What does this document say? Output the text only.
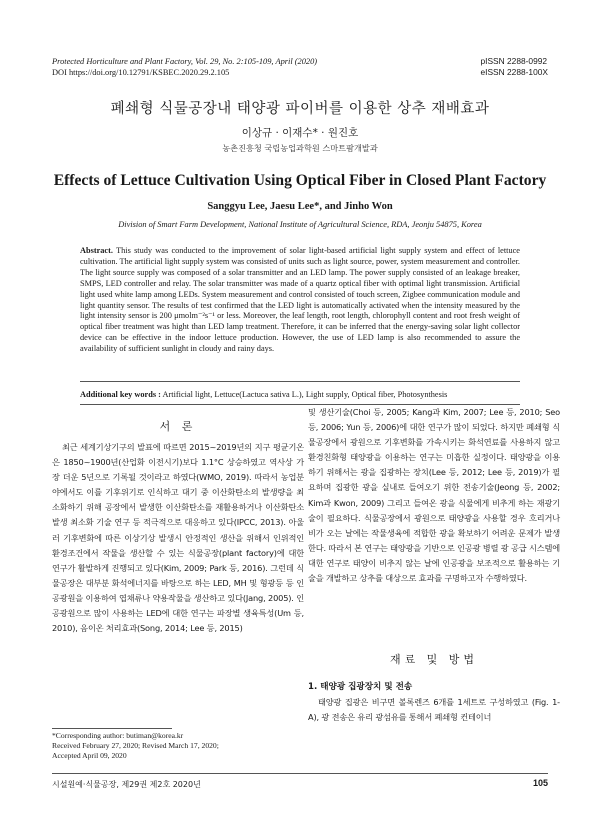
Protected Horticulture and Plant Factory, Vol. 29, No. 2:105-109, April (2020)
DOI https://doi.org/10.12791/KSBEC.2020.29.2.105
pISSN 2288-0992
eISSN 2288-100X
폐쇄형 식물공장내 태양광 파이버를 이용한 상추 재배효과
이상규 · 이재수* · 원진호
농촌진흥청 국립농업과학원 스마트팜개발과
Effects of Lettuce Cultivation Using Optical Fiber in Closed Plant Factory
Sanggyu Lee, Jaesu Lee*, and Jinho Won
Division of Smart Farm Development, National Institute of Agricultural Science, RDA, Jeonju 54875, Korea
Abstract. This study was conducted to the improvement of solar light-based artificial light supply system and effect of lettuce cultivation. The artificial light supply system was consisted of units such as light source, power, system measurement and controller. The light source supply was composed of a solar transmitter and an LED lamp. The power supply consisted of an leakage breaker, SMPS, LED controller and relay. The solar transmitter was made of a quartz optical fiber with optimal light transmission. Artificial light used white lamp among LEDs. System measurement and control consisted of touch screen, Zigbee communication module and light quantity sensor. The results of test confirmed that the LED light is automatically activated when the intensity measured by the light intensity sensor is 200 μmolm⁻²s⁻¹ or less. Moreover, the leaf length, root length, chlorophyll content and root fresh weight of optical fiber treatment was hight than LED lamp treatment. Therefore, it can be inferred that the energy-saving solar light collector device can be effective in the indoor lettuce production. However, the use of LED lamp is also recommended to assure the availability of sufficient sunlight in cloudy and rainy days.
Additional key words : Artificial light, Lettuce(Lactuca sativa L.), Light supply, Optical fiber, Photosynthesis
서 론

최근 세계기상기구의 발표에 따르면 2015~2019년의 지구 평균기온은 1850~1900년(산업화 이전시기)보다 1.1°C 상승하였고 역사상 가장 더운 5년으로 기록될 것이라고 하였다(WMO, 2019). 따라서 농업분야에서도 이를 기후위기로 인식하고 대기 중 이산화탄소의 발생량을 최소화하기 위해 공장에서 발생한 이산화탄소를 재활용하거나 이산화탄소 발생 최소화 기술 연구 등 적극적으로 대응하고 있다(IPCC, 2013). 아울러 기후변화에 따른 이상기상 발생시 안정적인 생산을 위해서 인위적인 환경조건에서 작물을 생산할 수 있는 식물공장(plant factory)에 대한 연구가 활발하게 진행되고 있다(Kim, 2009; Park 등, 2016). 그런데 식물공장은 대부분 화석에너지를 바탕으로 하는 LED, MH 및 형광등 등 인공광원을 이용하여 엽채류나 약용작물을 생산하고 있다(Jang, 2005). 인공광원으로 많이 사용하는 LED에 대한 연구는 파장별 생육특성(Um 등, 2010), 음이온 처리효과(Song, 2014; Lee 등, 2015)

및 생산기술(Choi 등, 2005; Kang과 Kim, 2007; Lee 등, 2010; Seo 등, 2006; Yun 등, 2006)에 대한 연구가 많이 되었다. 하지만 폐쇄형 식물공장에서 광원으로 기후변화를 가속시키는 화석연료를 사용하지 않고 환경친화형 태양광을 이용하는 연구는 미흡한 실정이다. 태양광을 이용하기 위해서는 광을 집광하는 장치(Lee 등, 2012; Lee 등, 2019)가 필요하며 집광한 광을 실내로 들여오기 위한 전송기술(Jeong 등, 2002; Kim과 Kwon, 2009) 그리고 들여온 광을 식물에게 비추게 하는 재광기술이 필요하다. 식물공장에서 광원으로 태양광을 사용할 경우 흐리거나 비가 오는 날에는 작물생육에 적합한 광을 확보하기 어려운 문제가 발생한다. 따라서 본 연구는 태양광을 기반으로 인공광 병렬 광 공급 시스템에 대한 연구로 태양이 비추지 않는 날에 인공광을 보조적으로 활용하는 기술을 개발하고 상추를 대상으로 효과를 구명하고자 수행하였다.

재료 및 방법
1. 태양광 집광장치 및 전송

태양광 집광은 비구면 볼록렌즈 6개를 1세트로 구성하였고 (Fig. 1-A), 광 전송은 유리 광섬유를 통해서 폐쇄형 컨테이너

*Corresponding author: butiman@korea.kr
Received February 27, 2020; Revised March 17, 2020;
Accepted April 09, 2020
시설원예·식물공장, 제29권 제2호 2020년	105
